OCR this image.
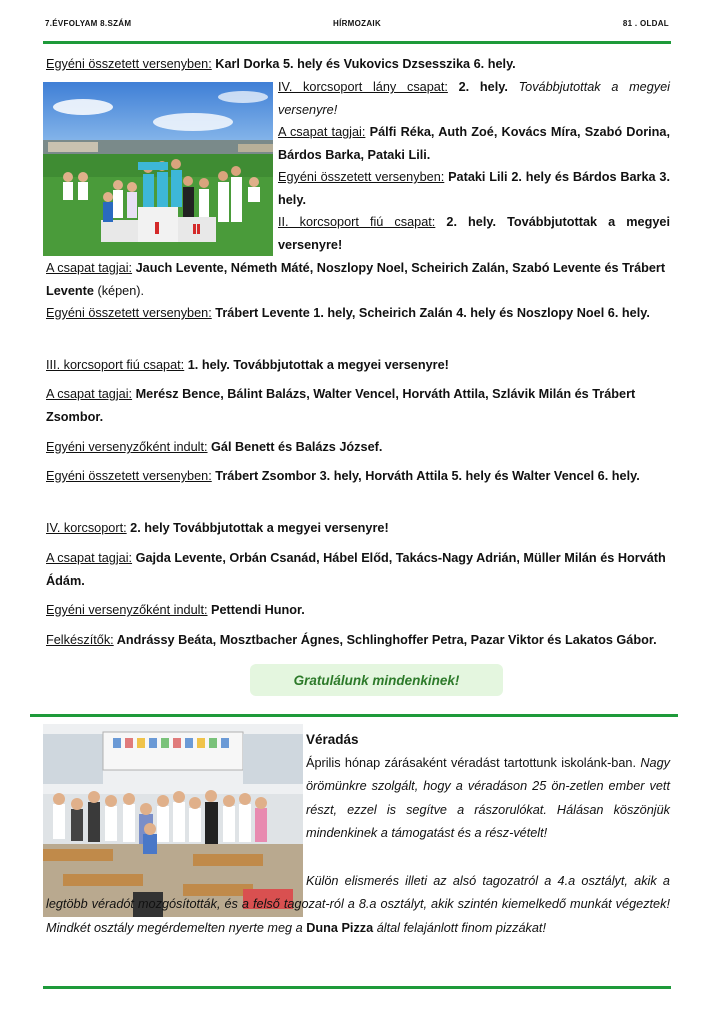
7.ÉVFOLYAM 8.SZÁM	HÍRMOZAIK	81 . OLDAL
Egyéni összetett versenyben: Karl Dorka 5. hely és Vukovics Dzsesszika 6. hely.
IV. korcsoport lány csapat: 2. hely. Továbbjutottak a megyei versenyre!
A csapat tagjai: Pálfi Réka, Auth Zoé, Kovács Míra, Szabó Dorina, Bárdos Barka, Pataki Lili.
Egyéni összetett versenyben: Pataki Lili 2. hely és Bárdos Barka 3. hely.
II. korcsoport fiú csapat: 2. hely. Továbbjutottak a megyei versenyre!
A csapat tagjai: Jauch Levente, Németh Máté, Noszlopy Noel, Scheirich Zalán, Szabó Levente és Trábert Levente (képen).
Egyéni összetett versenyben: Trábert Levente 1. hely, Scheirich Zalán 4. hely és Noszlopy Noel 6. hely.
III. korcsoport fiú csapat: 1. hely. Továbbjutottak a megyei versenyre!
A csapat tagjai: Merész Bence, Bálint Balázs, Walter Vencel, Horváth Attila, Szlávik Milán és Trábert Zsombor.
Egyéni versenyzőként indult: Gál Benett és Balázs József.
Egyéni összetett versenyben: Trábert Zsombor 3. hely, Horváth Attila 5. hely és Walter Vencel 6. hely.
IV. korcsoport: 2. hely Továbbjutottak a megyei versenyre!
A csapat tagjai: Gajda Levente, Orbán Csanád, Hábel Előd, Takács-Nagy Adrián, Müller Milán és Horváth Ádám.
Egyéni versenyzőként indult: Pettendi Hunor.
Felkészítők: Andrássy Beáta, Mosztbacher Ágnes, Schlinghoffer Petra, Pazar Viktor és Lakatos Gábor.
Gratulálunk mindenkinek!
Véradás
Április hónap zárásaként véradást tartottunk iskolánk-ban. Nagy örömünkre szolgált, hogy a véradáson 25 ön-zetlen ember vett részt, ezzel is segítve a rászorulókat. Hálásan köszönjük mindenkinek a támogatást és a rész-vételt!
Külön elismerés illeti az alsó tagozatról a 4.a osztályt, akik a legtöbb véradót mozgósították, és a felső tagozat-ról a 8.a osztályt, akik szintén kiemelkedő munkát végeztek! Mindkét osztály megérdemelten nyerte meg a Duna Pizza által felajánlott finom pizzákat!
